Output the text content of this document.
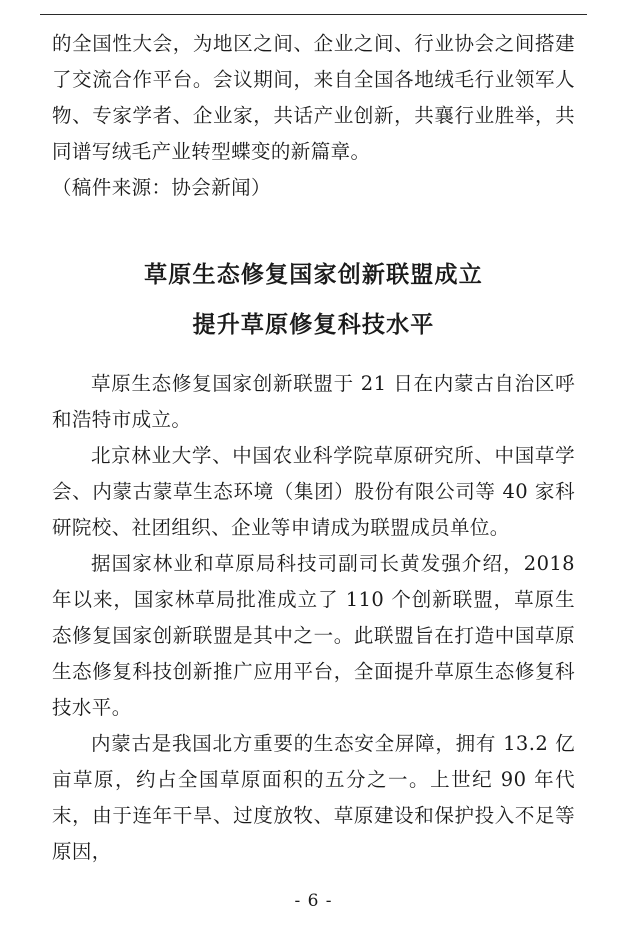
的全国性大会，为地区之间、企业之间、行业协会之间搭建了交流合作平台。会议期间，来自全国各地绒毛行业领军人物、专家学者、企业家，共话产业创新，共襄行业胜举，共同谱写绒毛产业转型蝶变的新篇章。

（稿件来源：协会新闻）

草原生态修复国家创新联盟成立
提升草原修复科技水平

草原生态修复国家创新联盟于 21 日在内蒙古自治区呼和浩特市成立。

北京林业大学、中国农业科学院草原研究所、中国草学会、内蒙古蒙草生态环境（集团）股份有限公司等 40 家科研院校、社团组织、企业等申请成为联盟成员单位。

据国家林业和草原局科技司副司长黄发强介绍，2018 年以来，国家林草局批准成立了 110 个创新联盟，草原生态修复国家创新联盟是其中之一。此联盟旨在打造中国草原生态修复科技创新推广应用平台，全面提升草原生态修复科技水平。

内蒙古是我国北方重要的生态安全屏障，拥有 13.2 亿亩草原，约占全国草原面积的五分之一。上世纪 90 年代末，由于连年干旱、过度放牧、草原建设和保护投入不足等原因，

- 6 -
